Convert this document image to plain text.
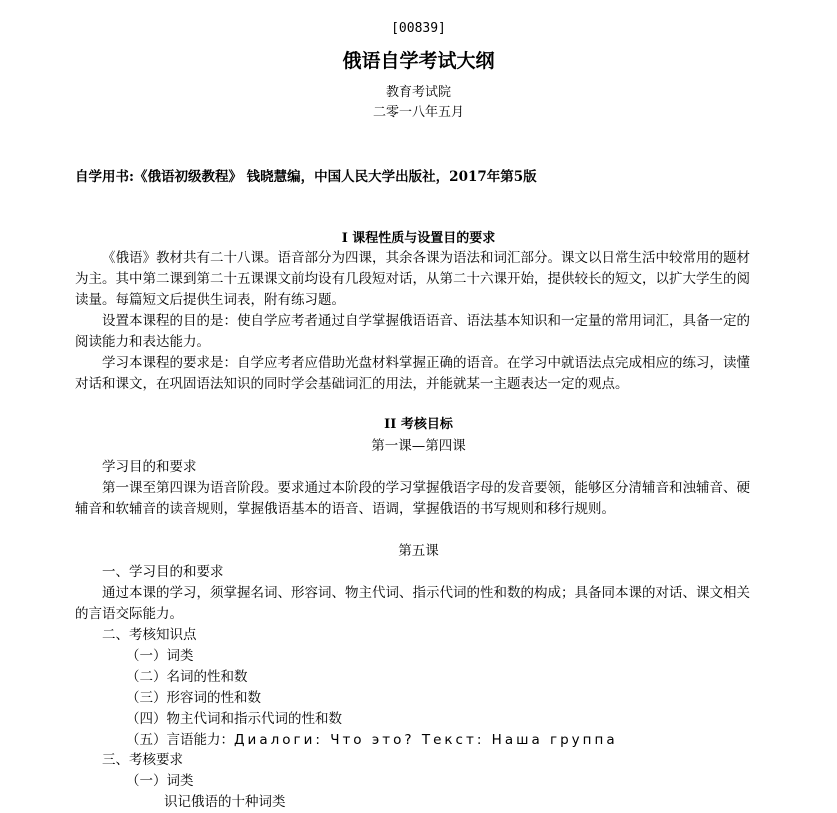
[00839]
俄语自学考试大纲
教育考试院
二零一八年五月
自学用书:《俄语初级教程》 钱晓慧编，中国人民大学出版社，2017年第5版
I 课程性质与设置目的要求
《俄语》教材共有二十八课。语音部分为四课，其余各课为语法和词汇部分。课文以日常生活中较常用的题材
为主。其中第二课到第二十五课课文前均设有几段短对话，从第二十六课开始，提供较长的短文，以扩大学生的阅
读量。每篇短文后提供生词表，附有练习题。
设置本课程的目的是：使自学应考者通过自学掌握俄语语音、语法基本知识和一定量的常用词汇，具备一定的
阅读能力和表达能力。
学习本课程的要求是：自学应考者应借助光盘材料掌握正确的语音。在学习中就语法点完成相应的练习，读懂
对话和课文，在巩固语法知识的同时学会基础词汇的用法，并能就某一主题表达一定的观点。
II 考核目标
第一课—第四课
学习目的和要求
第一课至第四课为语音阶段。要求通过本阶段的学习掌握俄语字母的发音要领，能够区分清辅音和浊辅音、硬
辅音和软辅音的读音规则，掌握俄语基本的语音、语调，掌握俄语的书写规则和移行规则。
第五课
一、学习目的和要求
通过本课的学习，须掌握名词、形容词、物主代词、指示代词的性和数的构成；具备同本课的对话、课文相关
的言语交际能力。
二、考核知识点
（一）词类
（二）名词的性和数
（三）形容词的性和数
（四）物主代词和指示代词的性和数
（五）言语能力：Диалоги: Что это? Текст: Наша группа
三、考核要求
（一）词类
识记俄语的十种词类
